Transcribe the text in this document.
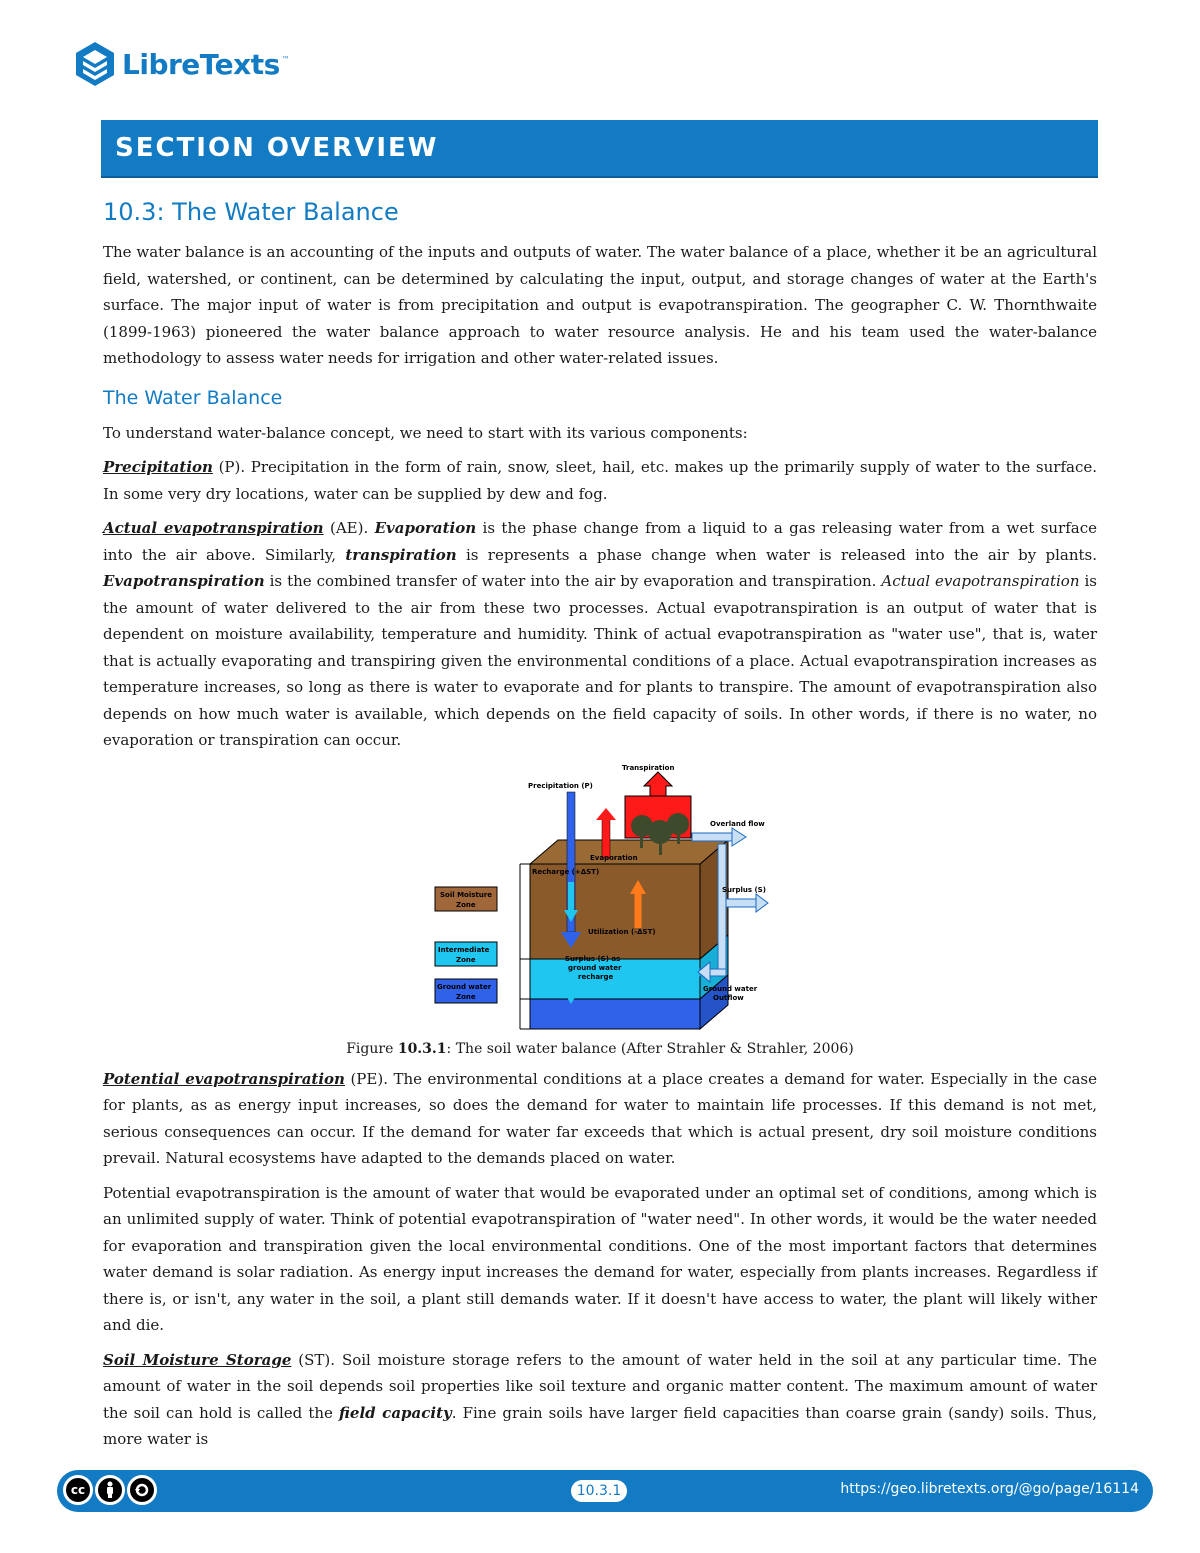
LibreTexts ™
SECTION OVERVIEW
10.3: The Water Balance

The water balance is an accounting of the inputs and outputs of water. The water balance of a place, whether it be an agricultural field, watershed, or continent, can be determined by calculating the input, output, and storage changes of water at the Earth's surface. The major input of water is from precipitation and output is evapotranspiration. The geographer C. W. Thornthwaite (1899-1963) pioneered the water balance approach to water resource analysis. He and his team used the water-balance methodology to assess water needs for irrigation and other water-related issues.

The Water Balance

To understand water-balance concept, we need to start with its various components:

Precipitation (P). Precipitation in the form of rain, snow, sleet, hail, etc. makes up the primarily supply of water to the surface. In some very dry locations, water can be supplied by dew and fog.

Actual evapotranspiration (AE). Evaporation is the phase change from a liquid to a gas releasing water from a wet surface into the air above. Similarly, transpiration is represents a phase change when water is released into the air by plants. Evapotranspiration is the combined transfer of water into the air by evaporation and transpiration. Actual evapotranspiration is the amount of water delivered to the air from these two processes. Actual evapotranspiration is an output of water that is dependent on moisture availability, temperature and humidity. Think of actual evapotranspiration as "water use", that is, water that is actually evaporating and transpiring given the environmental conditions of a place. Actual evapotranspiration increases as temperature increases, so long as there is water to evaporate and for plants to transpire. The amount of evapotranspiration also depends on how much water is available, which depends on the field capacity of soils. In other words, if there is no water, no evaporation or transpiration can occur.

Transpiration
Precipitation (P)
Overland flow
Evaporation
Recharge (+ΔST)
Surplus (S)
Utilization (-ΔST)
Soil Moisture
Zone
Intermediate
Zone
Ground water
Zone
Surplus (S) as
ground water
recharge
Ground water
Outflow
Figure 10.3.1: The soil water balance (After Strahler & Strahler, 2006)

Potential evapotranspiration (PE). The environmental conditions at a place creates a demand for water. Especially in the case for plants, as as energy input increases, so does the demand for water to maintain life processes. If this demand is not met, serious consequences can occur. If the demand for water far exceeds that which is actual present, dry soil moisture conditions prevail. Natural ecosystems have adapted to the demands placed on water.

Potential evapotranspiration is the amount of water that would be evaporated under an optimal set of conditions, among which is an unlimited supply of water. Think of potential evapotranspiration of "water need". In other words, it would be the water needed for evaporation and transpiration given the local environmental conditions. One of the most important factors that determines water demand is solar radiation. As energy input increases the demand for water, especially from plants increases. Regardless if there is, or isn't, any water in the soil, a plant still demands water. If it doesn't have access to water, the plant will likely wither and die.

Soil Moisture Storage (ST). Soil moisture storage refers to the amount of water held in the soil at any particular time. The amount of water in the soil depends soil properties like soil texture and organic matter content. The maximum amount of water the soil can hold is called the field capacity. Fine grain soils have larger field capacities than coarse grain (sandy) soils. Thus, more water is

cc	10.3.1	https://geo.libretexts.org/@go/page/16114
